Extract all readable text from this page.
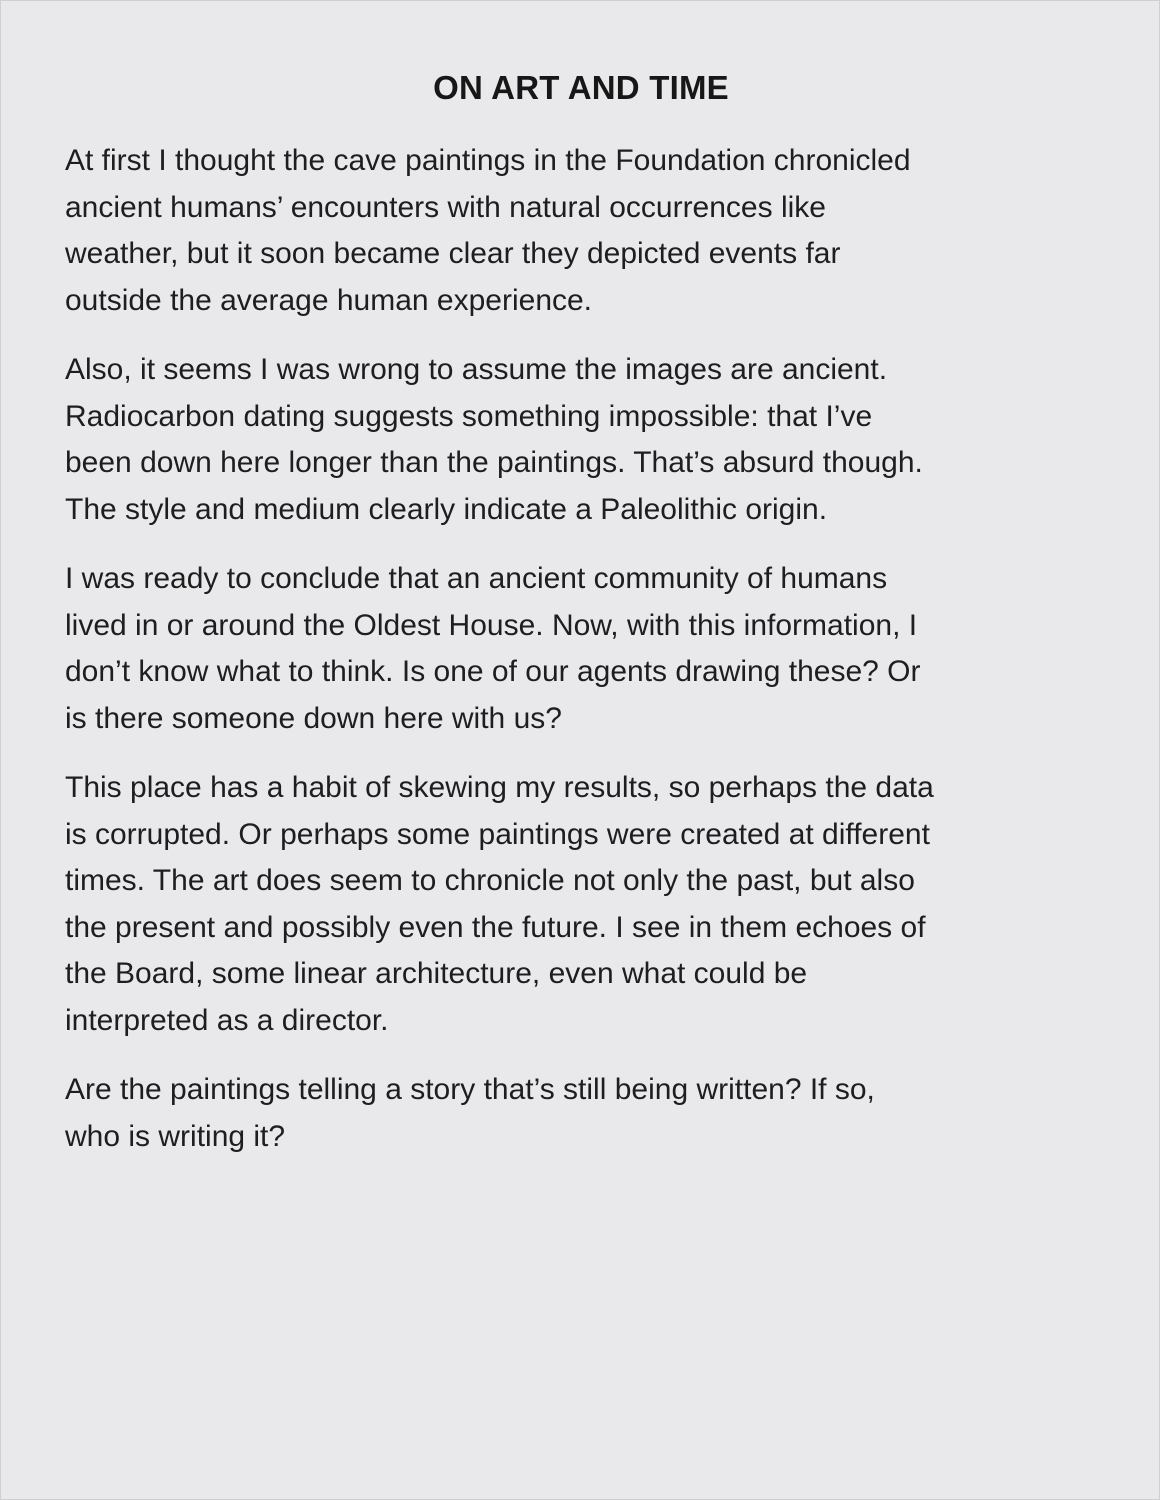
ON ART AND TIME

At first I thought the cave paintings in the Foundation chronicled
ancient humans’ encounters with natural occurrences like
weather, but it soon became clear they depicted events far
outside the average human experience.

Also, it seems I was wrong to assume the images are ancient.
Radiocarbon dating suggests something impossible: that I’ve
been down here longer than the paintings. That’s absurd though.
The style and medium clearly indicate a Paleolithic origin.

I was ready to conclude that an ancient community of humans
lived in or around the Oldest House. Now, with this information, I
don’t know what to think. Is one of our agents drawing these? Or
is there someone down here with us?

This place has a habit of skewing my results, so perhaps the data
is corrupted. Or perhaps some paintings were created at different
times. The art does seem to chronicle not only the past, but also
the present and possibly even the future. I see in them echoes of
the Board, some linear architecture, even what could be
interpreted as a director.

Are the paintings telling a story that’s still being written? If so,
who is writing it?
